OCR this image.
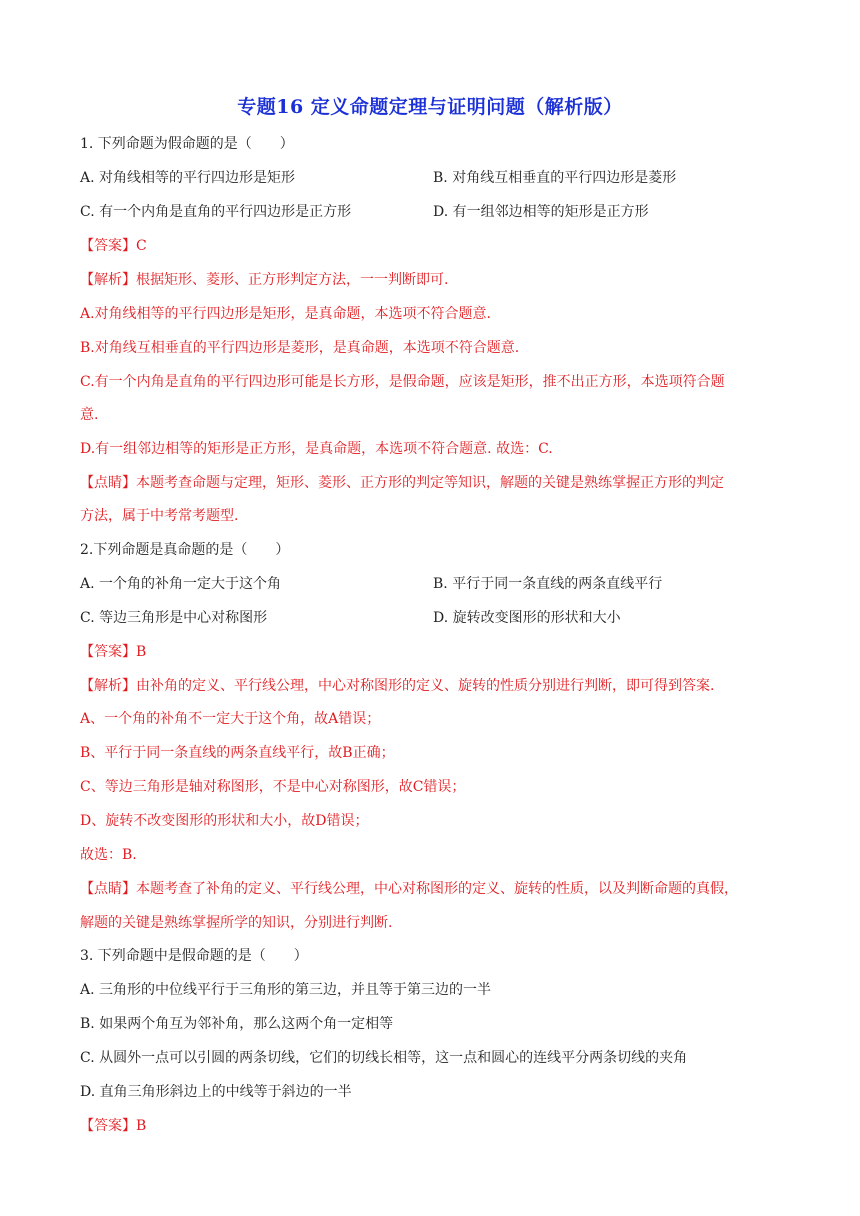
专题16 定义命题定理与证明问题（解析版）
1. 下列命题为假命题的是（　　）
A. 对角线相等的平行四边形是矩形	B. 对角线互相垂直的平行四边形是菱形
C. 有一个内角是直角的平行四边形是正方形	D. 有一组邻边相等的矩形是正方形
【答案】C
【解析】根据矩形、菱形、正方形判定方法，一一判断即可.
A.对角线相等的平行四边形是矩形，是真命题，本选项不符合题意.
B.对角线互相垂直的平行四边形是菱形，是真命题，本选项不符合题意.
C.有一个内角是直角的平行四边形可能是长方形，是假命题，应该是矩形，推不出正方形，本选项符合题
意.
D.有一组邻边相等的矩形是正方形，是真命题，本选项不符合题意. 故选：C.
【点睛】本题考查命题与定理，矩形、菱形、正方形的判定等知识，解题的关键是熟练掌握正方形的判定
方法，属于中考常考题型.
2.下列命题是真命题的是（　　）
A. 一个角的补角一定大于这个角	B. 平行于同一条直线的两条直线平行
C. 等边三角形是中心对称图形	D. 旋转改变图形的形状和大小
【答案】B
【解析】由补角的定义、平行线公理，中心对称图形的定义、旋转的性质分别进行判断，即可得到答案.
A、一个角的补角不一定大于这个角，故A错误；
B、平行于同一条直线的两条直线平行，故B正确；
C、等边三角形是轴对称图形，不是中心对称图形，故C错误；
D、旋转不改变图形的形状和大小，故D错误；
故选：B.
【点睛】本题考查了补角的定义、平行线公理，中心对称图形的定义、旋转的性质，以及判断命题的真假，
解题的关键是熟练掌握所学的知识，分别进行判断.
3. 下列命题中是假命题的是（　　）
A. 三角形的中位线平行于三角形的第三边，并且等于第三边的一半
B. 如果两个角互为邻补角，那么这两个角一定相等
C. 从圆外一点可以引圆的两条切线，它们的切线长相等，这一点和圆心的连线平分两条切线的夹角
D. 直角三角形斜边上的中线等于斜边的一半
【答案】B
